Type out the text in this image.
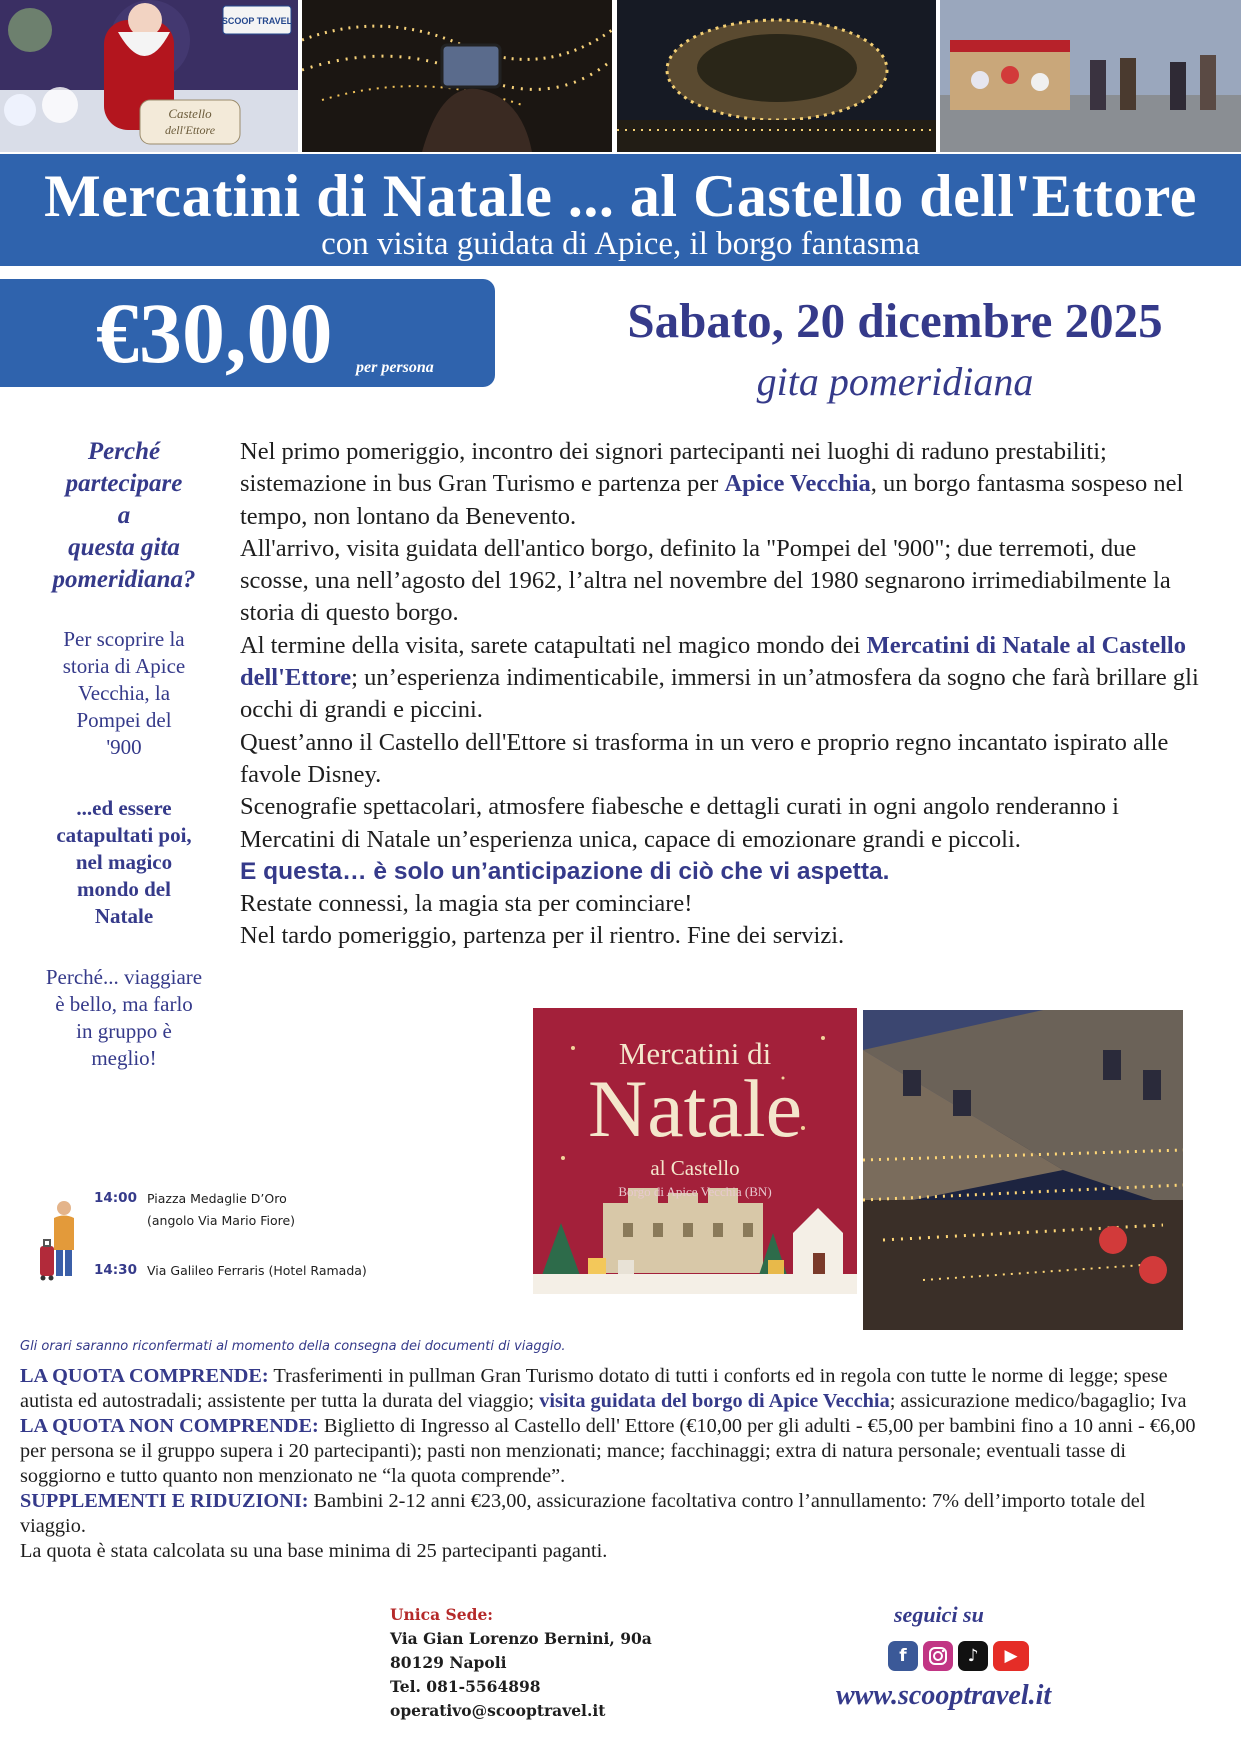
Castello
dell'Ettore
SCOOP TRAVEL
Mercatini di Natale ... al Castello dell'Ettore
con visita guidata di Apice, il borgo fantasma
€30,00 per persona
Sabato, 20 dicembre 2025
gita pomeridiana

Perché
partecipare
a
questa gita
pomeridiana?

Per scoprire la
storia di Apice
Vecchia, la
Pompei del
'900

...ed essere
catapultati poi,
nel magico
mondo del
Natale

Perché... viaggiare
è bello, ma farlo
in gruppo è
meglio!

Nel primo pomeriggio, incontro dei signori partecipanti nei luoghi di raduno prestabiliti; sistemazione in bus Gran Turismo e partenza per Apice Vecchia, un borgo fantasma sospeso nel tempo, non lontano da Benevento.

All'arrivo, visita guidata dell'antico borgo, definito la "Pompei del '900"; due terremoti, due scosse, una nell’agosto del 1962, l’altra nel novembre del 1980 segnarono irrimediabilmente la storia di questo borgo.

Al termine della visita, sarete catapultati nel magico mondo dei Mercatini di Natale al Castello dell'Ettore; un’esperienza indimenticabile, immersi in un’atmosfera da sogno che farà brillare gli occhi di grandi e piccini.

Quest’anno il Castello dell'Ettore si trasforma in un vero e proprio regno incantato ispirato alle favole Disney.

Scenografie spettacolari, atmosfere fiabesche e dettagli curati in ogni angolo renderanno i Mercatini di Natale un’esperienza unica, capace di emozionare grandi e piccoli.

E questa… è solo un’anticipazione di ciò che vi aspetta.

Restate connessi, la magia sta per cominciare!

Nel tardo pomeriggio, partenza per il rientro. Fine dei servizi.

Mercatini di
Natale
al Castello
Borgo di Apice Vecchia (BN)
14:00 Piazza Medaglie D’Oro
(angolo Via Mario Fiore)
14:30 Via Galileo Ferraris (Hotel Ramada)
Gli orari saranno riconfermati al momento della consegna dei documenti di viaggio.

LA QUOTA COMPRENDE: Trasferimenti in pullman Gran Turismo dotato di tutti i conforts ed in regola con tutte le norme di legge; spese autista ed autostradali; assistente per tutta la durata del viaggio; visita guidata del borgo di Apice Vecchia; assicurazione medico/bagaglio; Iva

LA QUOTA NON COMPRENDE: Biglietto di Ingresso al Castello dell' Ettore (€10,00 per gli adulti - €5,00 per bambini fino a 10 anni - €6,00 per persona se il gruppo supera i 20 partecipanti); pasti non menzionati; mance; facchinaggi; extra di natura personale; eventuali tasse di soggiorno e tutto quanto non menzionato ne “la quota comprende”.

SUPPLEMENTI E RIDUZIONI: Bambini 2-12 anni €23,00, assicurazione facoltativa contro l’annullamento: 7% dell’importo totale del viaggio.

La quota è stata calcolata su una base minima di 25 partecipanti paganti.

Unica Sede:
Via Gian Lorenzo Bernini, 90a
80129 Napoli
Tel. 081-5564898
operativo@scooptravel.it
seguici su
f	♪	▶
www.scooptravel.it
